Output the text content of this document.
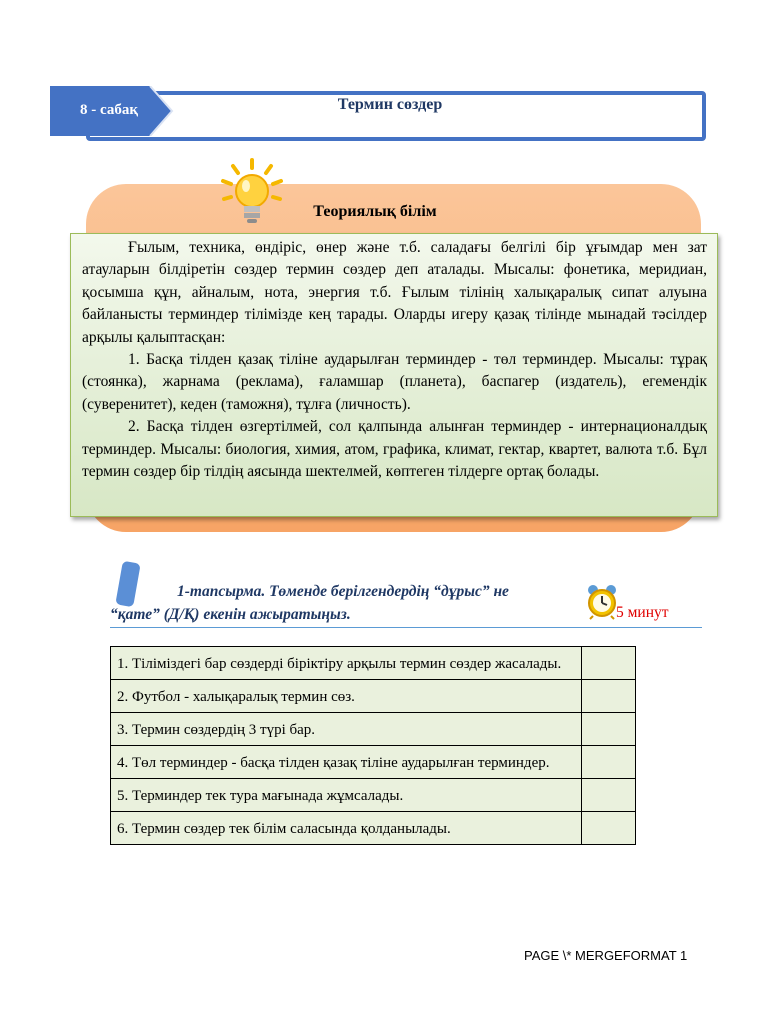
8 - сабақ	Термин сөздер
Теориялық білім

Ғылым, техника, өндіріс, өнер және т.б. саладағы белгілі бір ұғымдар мен зат атауларын білдіретін сөздер термин сөздер деп аталады. Мысалы: фонетика, меридиан, қосымша құн, айналым, нота, энергия т.б. Ғылым тілінің халықаралық сипат алуына байланысты терминдер тілімізде кең тарады. Оларды игеру қазақ тілінде мынадай тәсілдер арқылы қалыптасқан:

1. Басқа тілден қазақ тіліне аударылған терминдер - төл терминдер. Мысалы: тұрақ (стоянка), жарнама (реклама), ғаламшар (планета), баспагер (издатель), егемендік (суверенитет), кеден (таможня), тұлға (личность).

2. Басқа тілден өзгертілмей, сол қалпында алынған терминдер - интернационалдық терминдер. Мысалы: биология, химия, атом, графика, климат, гектар, квартет, валюта т.б. Бұл термин сөздер бір тілдің аясында шектелмей, көптеген тілдерге ортақ болады.

1-тапсырма. Төменде берілгендердің “дұрыс” не
“қате” (Д/Қ) екенін ажыратыңыз.	5 минут
1. Тіліміздегі бар сөздерді біріктіру арқылы термин сөздер жасалады.	
2. Футбол - халықаралық термин сөз.	
3. Термин сөздердің 3 түрі бар.	
4. Төл терминдер - басқа тілден қазақ тіліне аударылған терминдер.	
5. Терминдер тек тура мағынада жұмсалады.	
6. Термин сөздер тек білім саласында қолданылады.	
PAGE \* MERGEFORMAT 1
